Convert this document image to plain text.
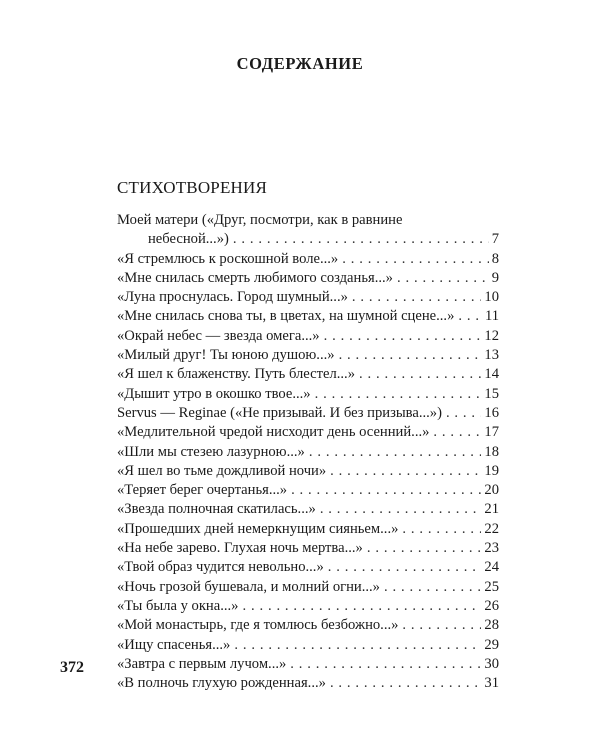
СОДЕРЖАНИЕ
СТИХОТВОРЕНИЯ
Моей матери («Друг, посмотри, как в равнине
небесной...») . . .	7
«Я стремлюсь к роскошной воле...» . . .	8
«Мне снилась смерть любимого созданья...» . . .	9
«Луна проснулась. Город шумный...» . . .	10
«Мне снилась снова ты, в цветах, на шумной сцене...» . . . 11
«Окрай небес — звезда омега...» . . .	12
«Милый друг! Ты юною душою...» . . .	13
«Я шел к блаженству. Путь блестел...» . . .	14
«Дышит утро в окошко твое...» . . .	15
Servus — Reginae («Не призывай. И без призыва...») . . .	16
«Медлительной чредой нисходит день осенний...» . . .	17
«Шли мы стезею лазурною...» . . .	18
«Я шел во тьме дождливой ночи» . . .	19
«Теряет берег очертанья...» . . .	20
«Звезда полночная скатилась...» . . .	21
«Прошедших дней немеркнущим сияньем...» . . .	22
«На небе зарево. Глухая ночь мертва...» . . .	23
«Твой образ чудится невольно...» . . .	24
«Ночь грозой бушевала, и молний огни...» . . .	25
«Ты была у окна...» . . .	26
«Мой монастырь, где я томлюсь безбожно...» . . .	28
«Ищу спасенья...» . . .	29
«Завтра с первым лучом...» . . .	30
«В полночь глухую рожденная...» . . .	31
372
